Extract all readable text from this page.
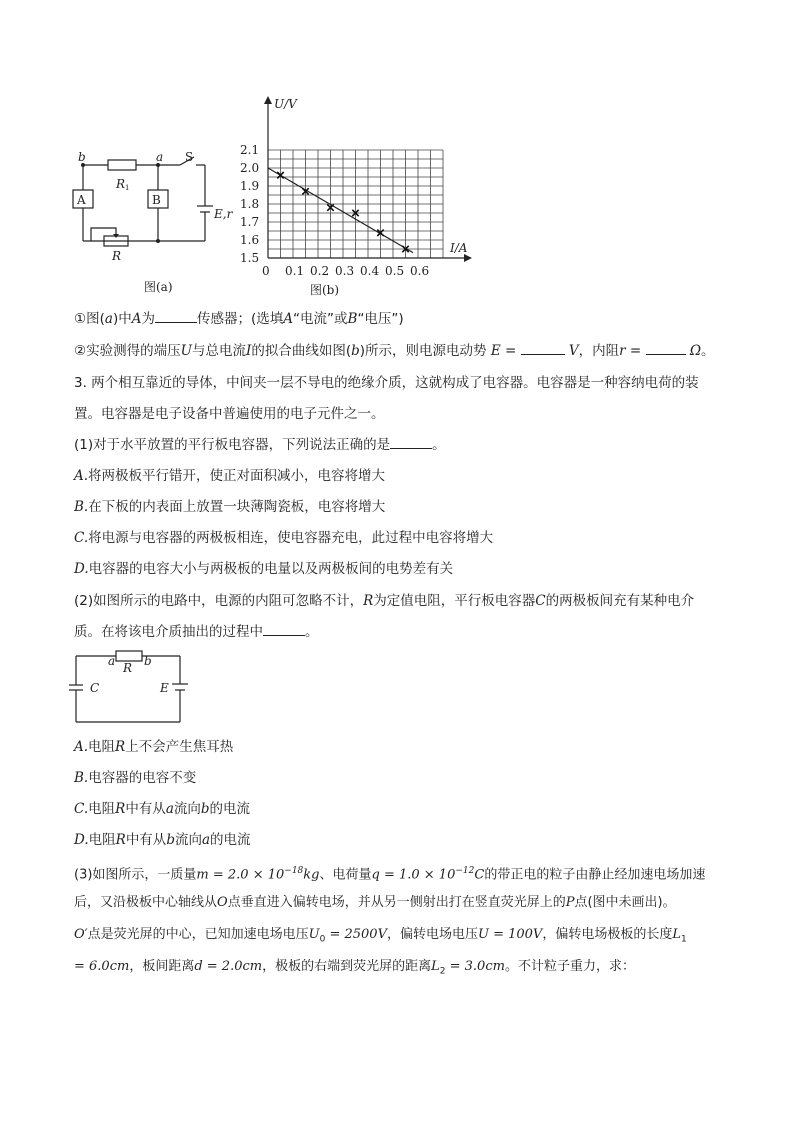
b	a S
R1
A	B
E,r
R
图(a)
0 0.1 0.2 0.3 0.4 0.5 0.6
1.5
1.6
1.7
1.8
1.9
2.0
2.1
U/V
I/A
图(b)
①图(a)中A为	传感器；(选填A“电流”或B“电压”)
②实验测得的端压U与总电流I的拟合曲线如图(b)所示，则电源电动势 E =	V，内阻r =	Ω。
3. 两个相互靠近的导体，中间夹一层不导电的绝缘介质，这就构成了电容器。电容器是一种容纳电荷的装
置。电容器是电子设备中普遍使用的电子元件之一。
(1)对于水平放置的平行板电容器，下列说法正确的是	。
A.将两极板平行错开，使正对面积减小，电容将增大
B.在下板的内表面上放置一块薄陶瓷板，电容将增大
C.将电源与电容器的两极板相连，使电容器充电，此过程中电容将增大
D.电容器的电容大小与两极板的电量以及两极板间的电势差有关
(2)如图所示的电路中，电源的内阻可忽略不计，R为定值电阻，平行板电容器C的两极板间充有某种电介
质。在将该电介质抽出的过程中	。
a R b
C	E
A.电阻R上不会产生焦耳热
B.电容器的电容不变
C.电阻R中有从a流向b的电流
D.电阻R中有从b流向a的电流
(3)如图所示，一质量$m = 2.0 \times 10^{-18}kg$、电荷量$q = 1.0 \times 10^{-12}C$的带正电的粒子由静止经加速电场加速
后，又沿极板中心轴线从O点垂直进入偏转电场，并从另一侧射出打在竖直荧光屏上的P点(图中未画出)。
O′点是荧光屏的中心，已知加速电场电压$U_0 = 2500V$，偏转电场电压U = 100V，偏转电场极板的长度$L_1$
= 6.0cm，板间距离d = 2.0cm，极板的右端到荧光屏的距离$L_2 = 3.0cm$。不计粒子重力，求：
